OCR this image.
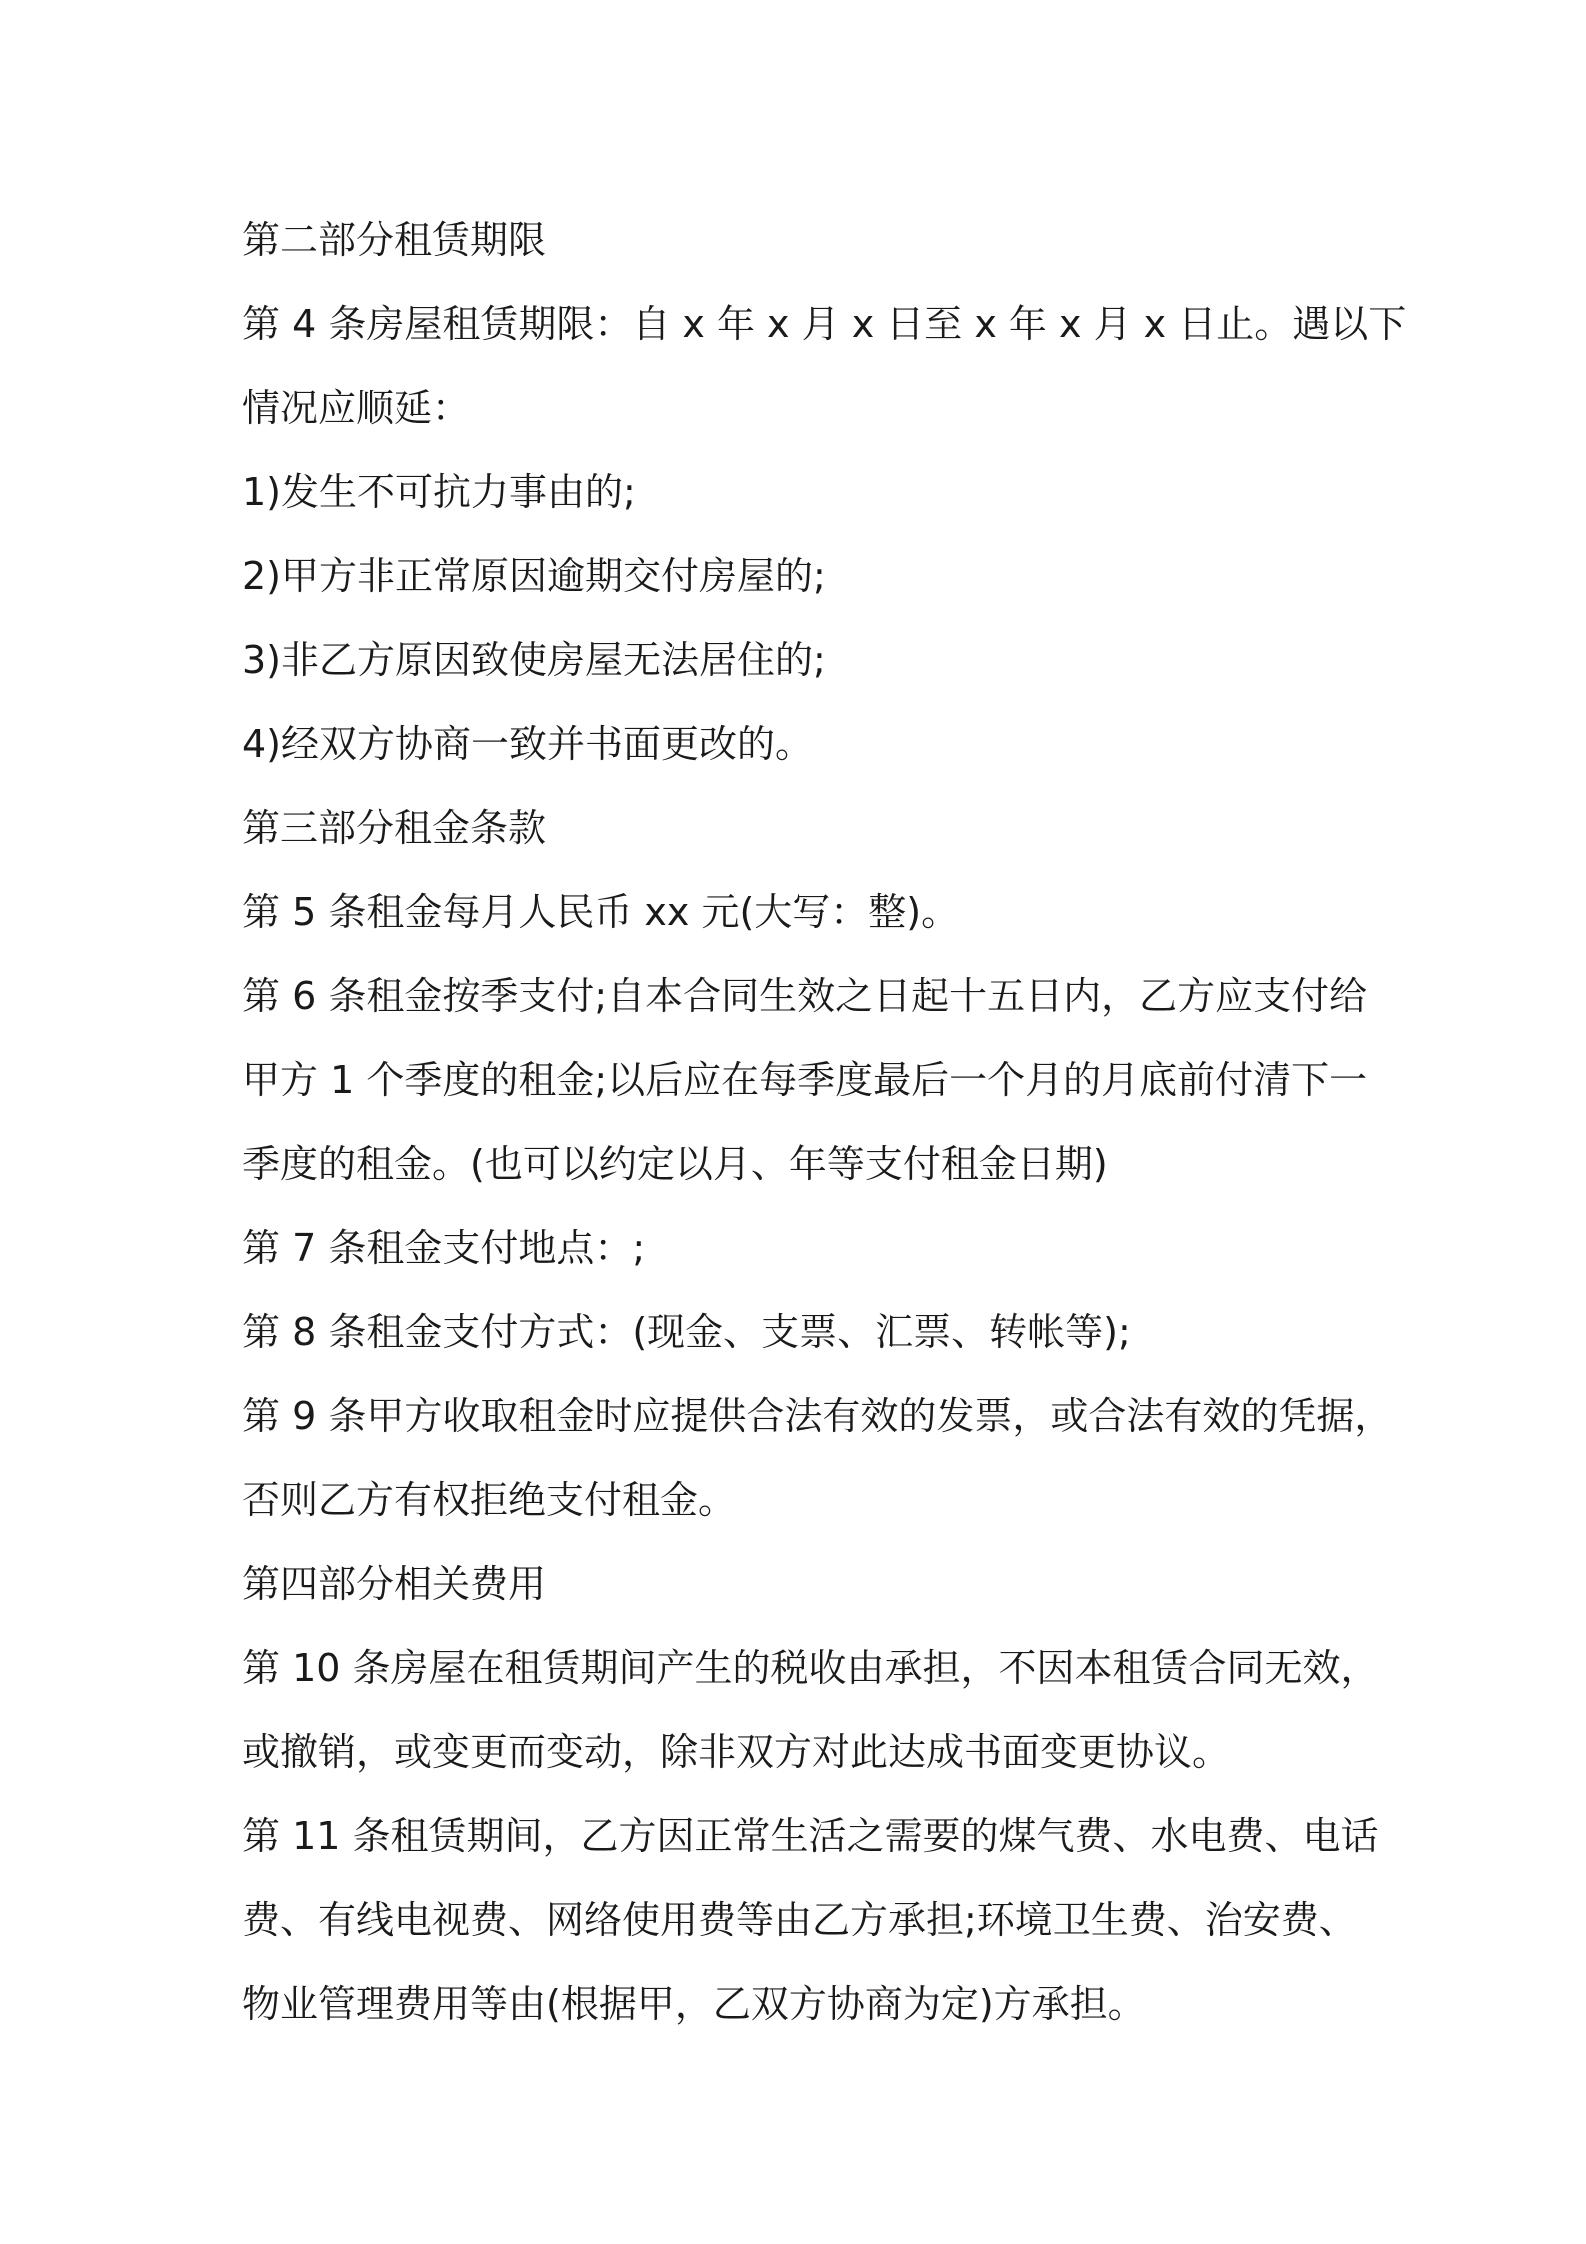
第二部分租赁期限
第 4 条房屋租赁期限：自 x 年 x 月 x 日至 x 年 x 月 x 日止。遇以下
情况应顺延：
1)发生不可抗力事由的;
2)甲方非正常原因逾期交付房屋的;
3)非乙方原因致使房屋无法居住的;
4)经双方协商一致并书面更改的。
第三部分租金条款
第 5 条租金每月人民币 xx 元(大写：整)。
第 6 条租金按季支付;自本合同生效之日起十五日内，乙方应支付给
甲方 1 个季度的租金;以后应在每季度最后一个月的月底前付清下一
季度的租金。(也可以约定以月、年等支付租金日期)
第 7 条租金支付地点：;
第 8 条租金支付方式：(现金、支票、汇票、转帐等);
第 9 条甲方收取租金时应提供合法有效的发票，或合法有效的凭据，
否则乙方有权拒绝支付租金。
第四部分相关费用
第 10 条房屋在租赁期间产生的税收由承担，不因本租赁合同无效，
或撤销，或变更而变动，除非双方对此达成书面变更协议。
第 11 条租赁期间，乙方因正常生活之需要的煤气费、水电费、电话
费、有线电视费、网络使用费等由乙方承担;环境卫生费、治安费、
物业管理费用等由(根据甲，乙双方协商为定)方承担。
